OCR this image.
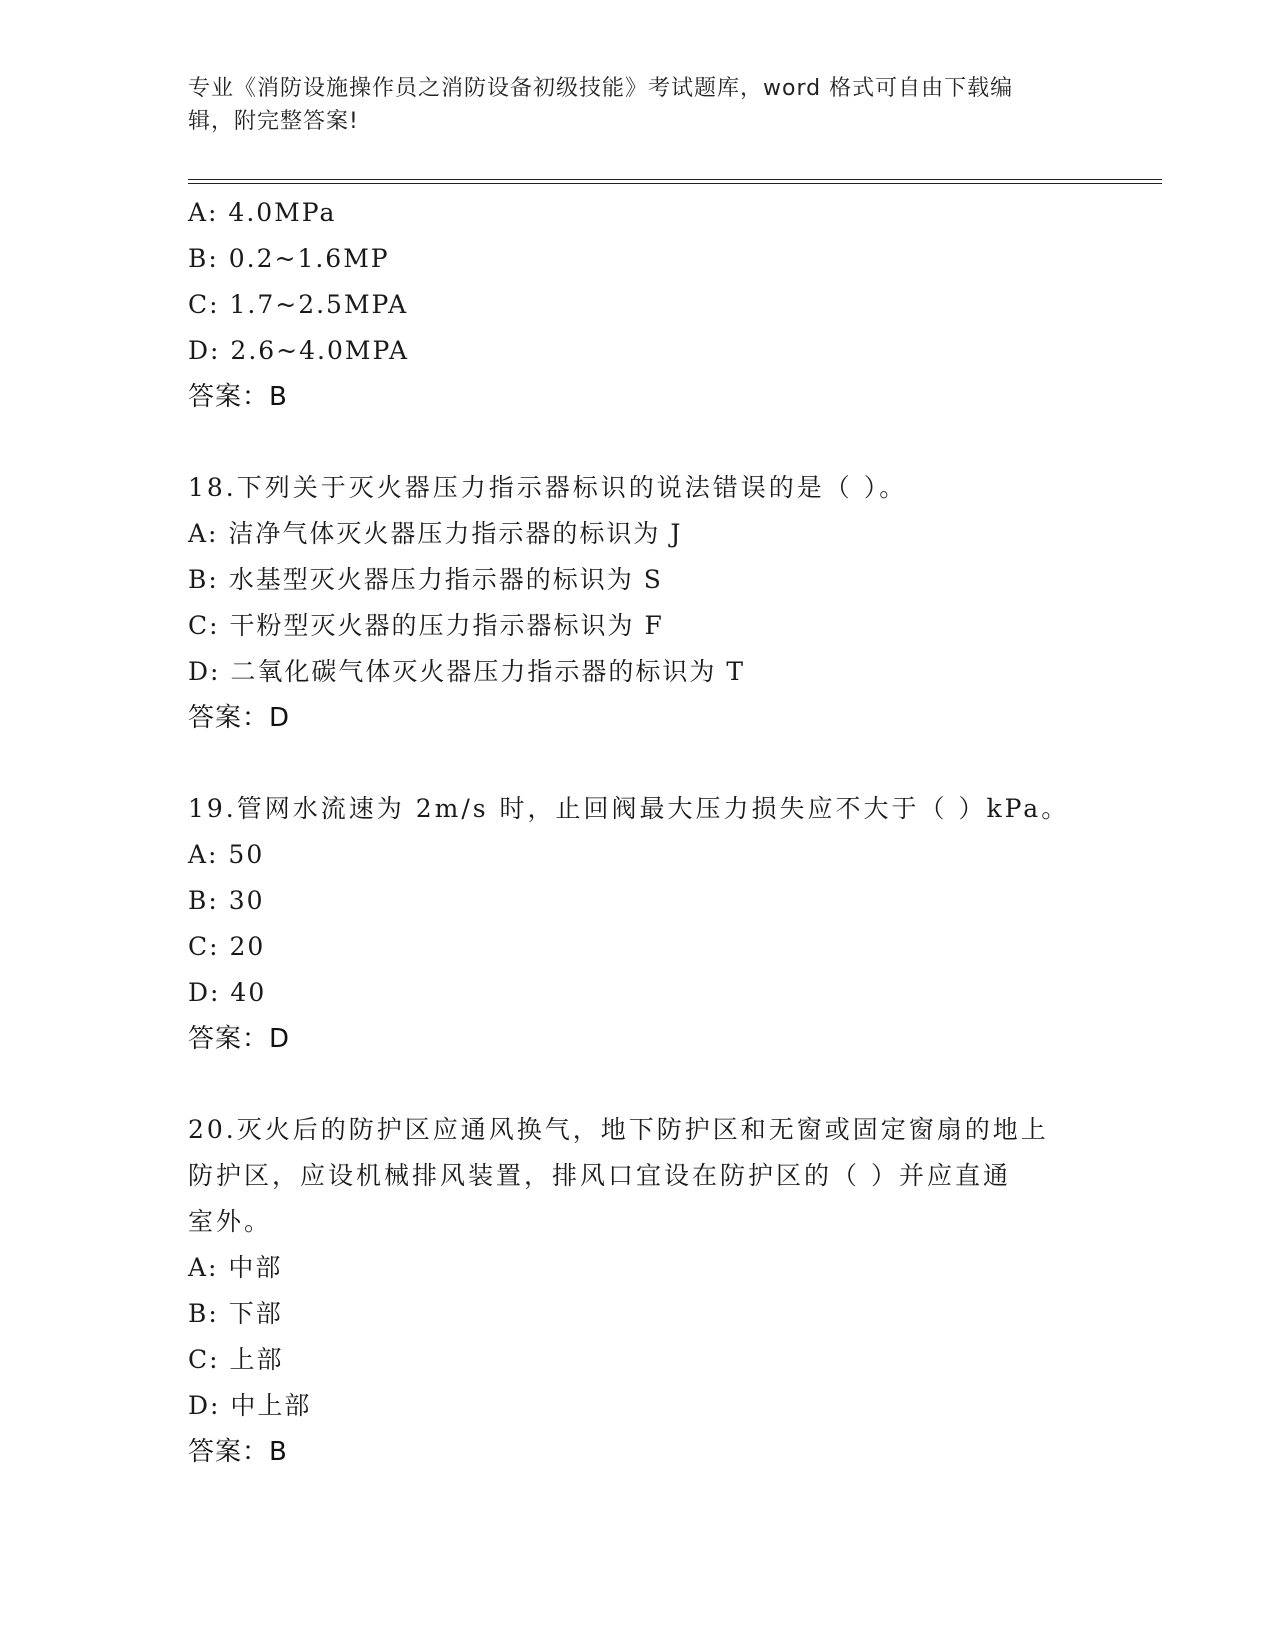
专业《消防设施操作员之消防设备初级技能》考试题库，word 格式可自由下载编
辑，附完整答案!
A: 4.0MPa
B: 0.2~1.6MP
C: 1.7~2.5MPA
D: 2.6~4.0MPA
答案：B
18.下列关于灭火器压力指示器标识的说法错误的是（ ）。
A: 洁净气体灭火器压力指示器的标识为 J
B: 水基型灭火器压力指示器的标识为 S
C: 干粉型灭火器的压力指示器标识为 F
D: 二氧化碳气体灭火器压力指示器的标识为 T
答案：D
19.管网水流速为 2m/s 时，止回阀最大压力损失应不大于（ ）kPa。
A: 50
B: 30
C: 20
D: 40
答案：D
20.灭火后的防护区应通风换气，地下防护区和无窗或固定窗扇的地上
防护区，应设机械排风装置，排风口宜设在防护区的（ ）并应直通
室外。
A: 中部
B: 下部
C: 上部
D: 中上部
答案：B
